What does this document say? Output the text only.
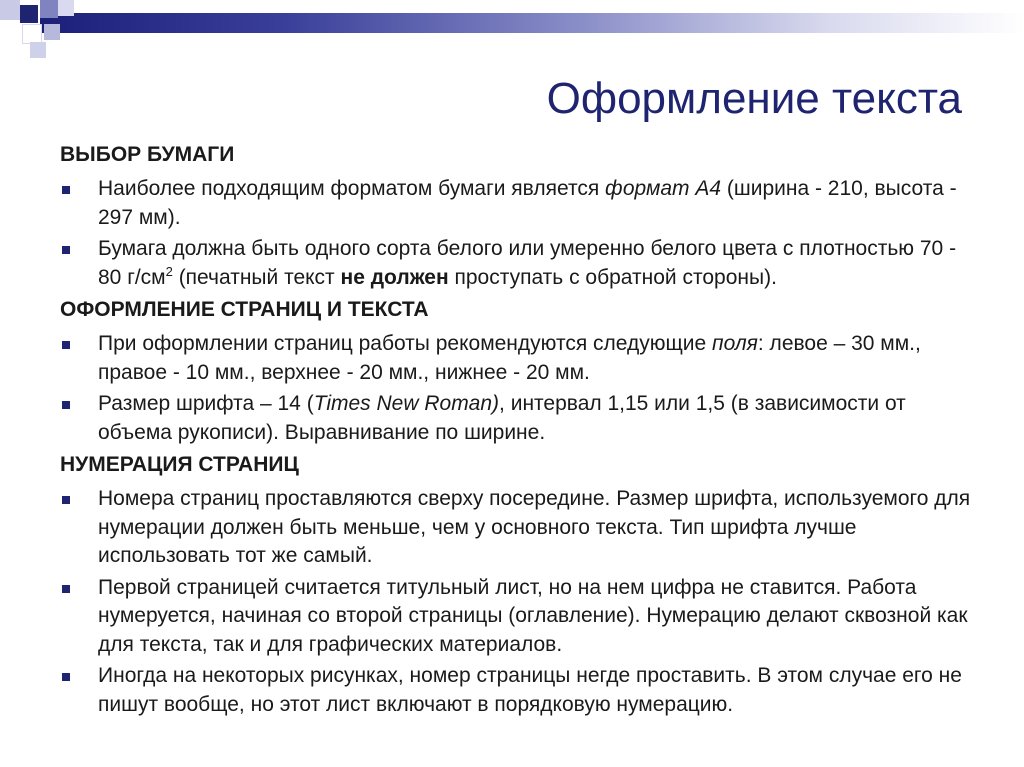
Оформление текста
ВЫБОР БУМАГИ
Наиболее подходящим форматом бумаги является формат А4 (ширина - 210, высота - 297 мм).
Бумага должна быть одного сорта белого или умеренно белого цвета с плотностью 70 - 80 $г/см^2$ (печатный текст не должен проступать с обратной стороны).
ОФОРМЛЕНИЕ СТРАНИЦ И ТЕКСТА
При оформлении страниц работы рекомендуются следующие поля: левое – 30 мм., правое - 10 мм., верхнее - 20 мм., нижнее - 20 мм.
Размер шрифта – 14 (Times New Roman), интервал 1,15 или 1,5 (в зависимости от объема рукописи). Выравнивание по ширине.
НУМЕРАЦИЯ СТРАНИЦ
Номера страниц проставляются сверху посередине. Размер шрифта, используемого для нумерации должен быть меньше, чем у основного текста. Тип шрифта лучше использовать тот же самый.
Первой страницей считается титульный лист, но на нем цифра не ставится. Работа нумеруется, начиная со второй страницы (оглавление). Нумерацию делают сквозной как для текста, так и для графических материалов.
Иногда на некоторых рисунках, номер страницы негде проставить. В этом случае его не пишут вообще, но этот лист включают в порядковую нумерацию.
